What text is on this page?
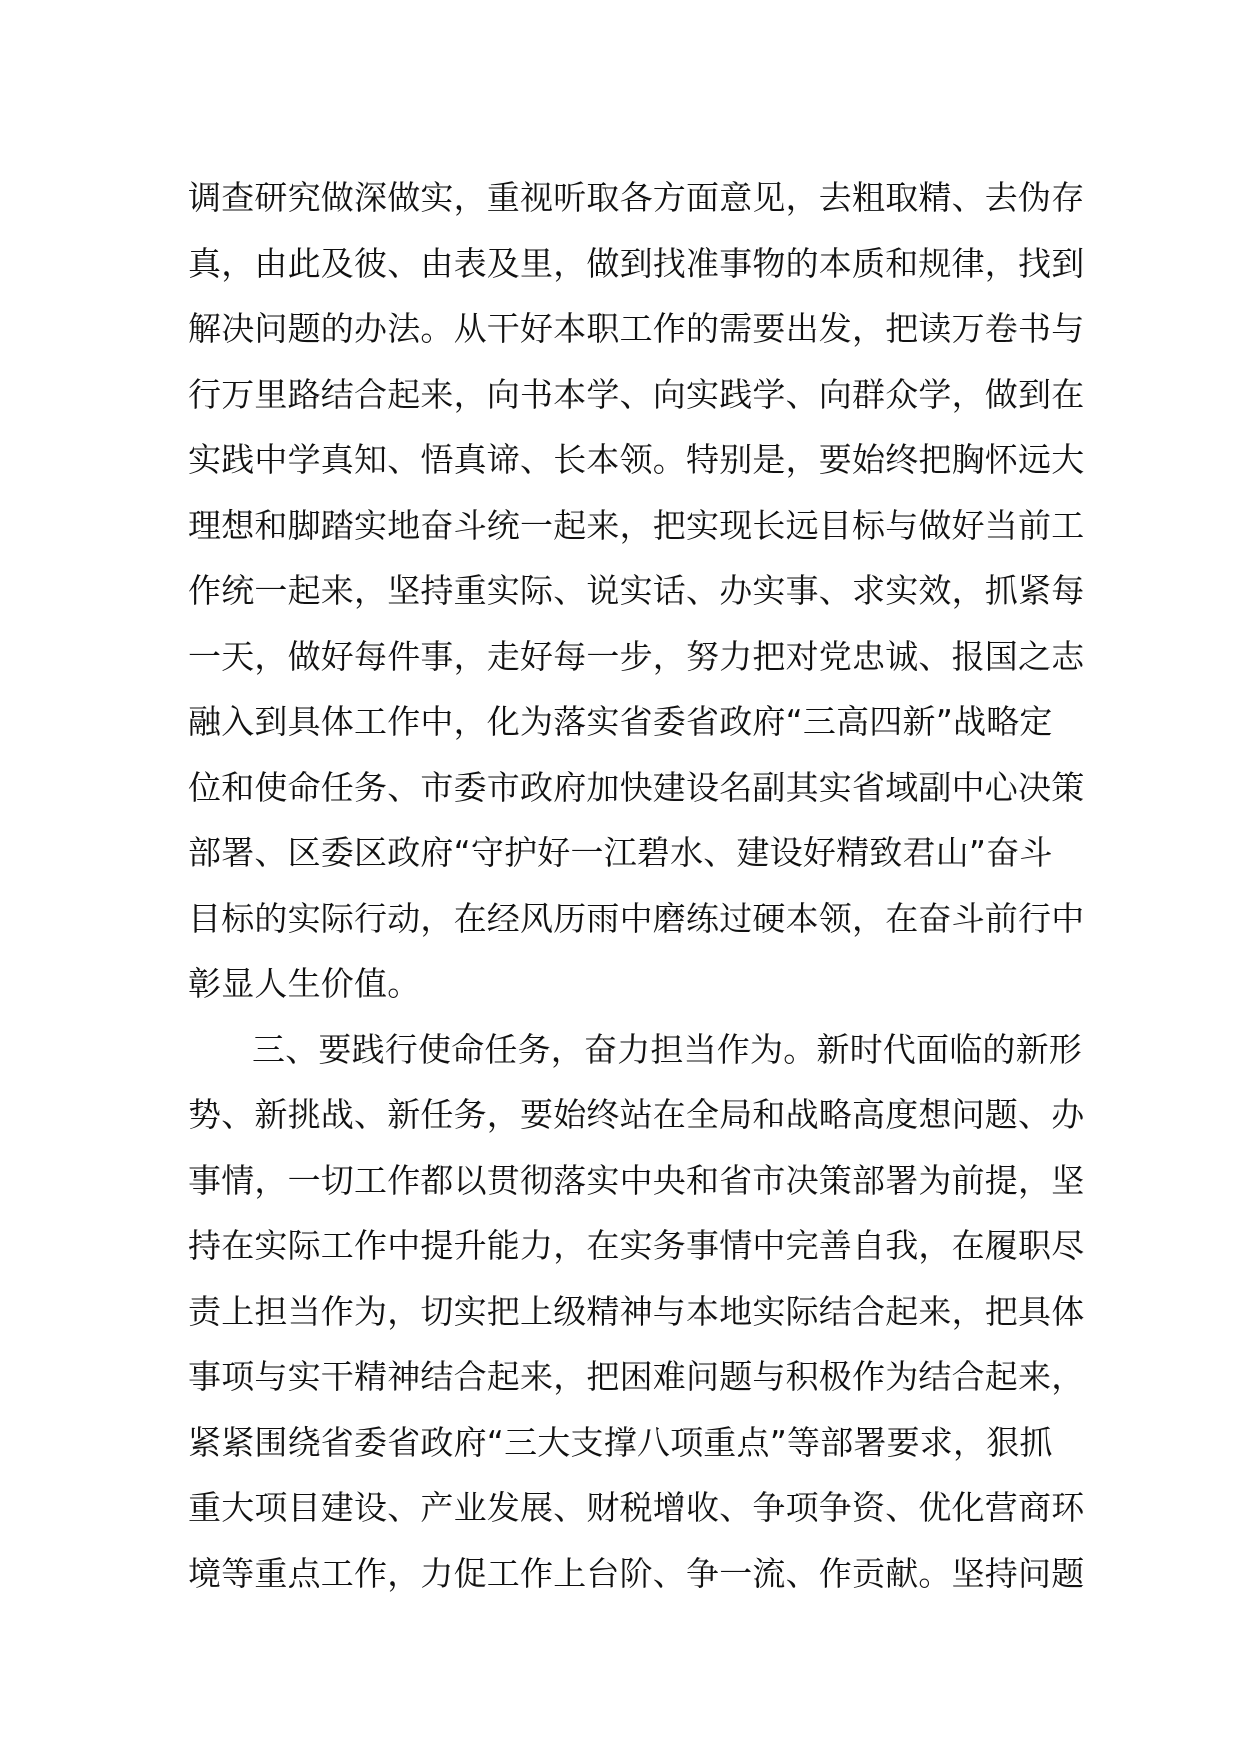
调查研究做深做实，重视听取各方面意见，去粗取精、去伪存
真，由此及彼、由表及里，做到找准事物的本质和规律，找到
解决问题的办法。从干好本职工作的需要出发，把读万卷书与
行万里路结合起来，向书本学、向实践学、向群众学，做到在
实践中学真知、悟真谛、长本领。特别是，要始终把胸怀远大
理想和脚踏实地奋斗统一起来，把实现长远目标与做好当前工
作统一起来，坚持重实际、说实话、办实事、求实效，抓紧每
一天，做好每件事，走好每一步，努力把对党忠诚、报国之志
融入到具体工作中，化为落实省委省政府“三高四新”战略定
位和使命任务、市委市政府加快建设名副其实省域副中心决策
部署、区委区政府“守护好一江碧水、建设好精致君山”奋斗
目标的实际行动，在经风历雨中磨练过硬本领，在奋斗前行中
彰显人生价值。
三、要践行使命任务，奋力担当作为。新时代面临的新形
势、新挑战、新任务，要始终站在全局和战略高度想问题、办
事情，一切工作都以贯彻落实中央和省市决策部署为前提，坚
持在实际工作中提升能力，在实务事情中完善自我，在履职尽
责上担当作为，切实把上级精神与本地实际结合起来，把具体
事项与实干精神结合起来，把困难问题与积极作为结合起来，
紧紧围绕省委省政府“三大支撑八项重点”等部署要求，狠抓
重大项目建设、产业发展、财税增收、争项争资、优化营商环
境等重点工作，力促工作上台阶、争一流、作贡献。坚持问题
